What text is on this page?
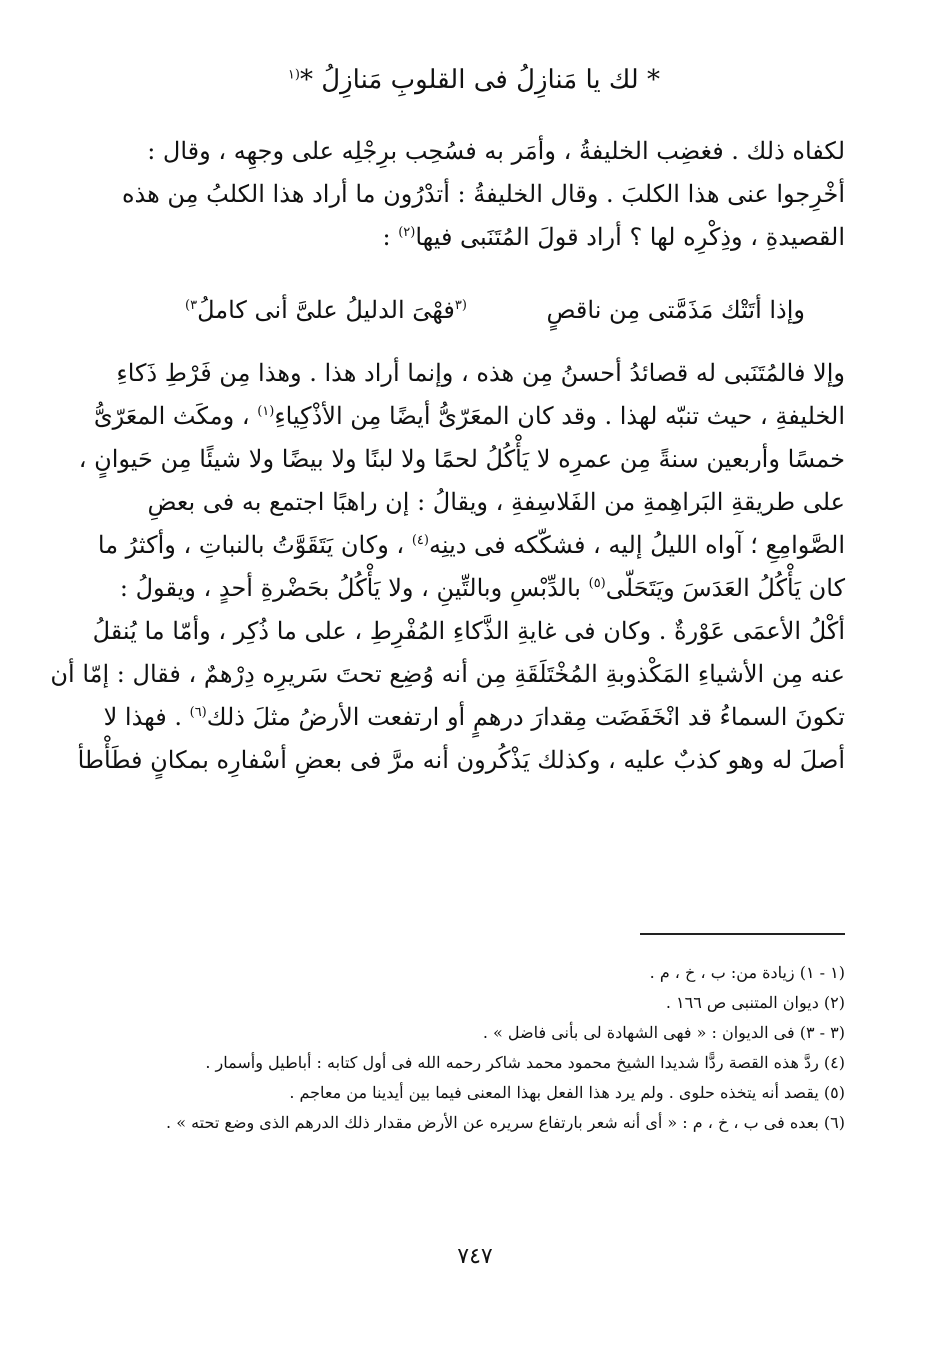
* لك يا مَنازِلُ فى القلوبِ مَنازِلُ *$^{(١}$
لكفاه ذلك . فغضِب الخليفةُ ، وأمَر به فسُحِب برِجْلِه على وجهِه ، وقال :
أخْرِجوا عنى هذا الكلبَ . وقال الخليفةُ : أتدْرُون ما أراد هذا الكلبُ مِن هذه
القصيدةِ ، وذِكْرِه لها ؟ أراد قولَ المُتَنَبى فيها$^{(٢)}$ :
وإذا أتَتْك مَذَمَّتى مِن ناقصٍ
$^{(٣}$فهْىَ الدليلُ علىَّ أنى كاملُ$^{٣)}$
وإلا فالمُتَنَبى له قصائدُ أحسنُ مِن هذه ، وإنما أراد هذا . وهذا مِن فَرْطِ ذَكاءِ
الخليفةِ ، حيث تنبّه لهذا . وقد كان المعَرّىُّ أيضًا مِن الأذْكِياءِ$^{(١)}$ ، ومكَث المعَرّىُّ
خمسًا وأربعين سنةً مِن عمرِه لا يَأْكُلُ لحمًا ولا لبنًا ولا بيضًا ولا شيئًا مِن حَيوانٍ ،
على طريقةِ البَراهِمةِ من الفَلاسِفةِ ، ويقالُ : إن راهبًا اجتمع به فى بعضِ
الصَّوامِعِ ؛ آواه الليلُ إليه ، فشكّكه فى دينِه$^{(٤)}$ ، وكان يَتَقَوَّتُ بالنباتِ ، وأكثرُ ما
كان يَأْكُلُ العَدَسَ ويَتَحَلّى$^{(٥)}$ بالدِّبْسِ وبالتِّينِ ، ولا يَأْكُلُ بحَضْرةِ أحدٍ ، ويقولُ :
أكْلُ الأعمَى عَوْرةٌ . وكان فى غايةِ الذَّكاءِ المُفْرِطِ ، على ما ذُكِر ، وأمّا ما يُنقلُ
عنه مِن الأشياءِ المَكْذوبةِ المُخْتَلَقَةِ مِن أنه وُضِع تحتَ سَريرِه دِرْهمٌ ، فقال : إمّا أن
تكونَ السماءُ قد انْخَفَضَت مِقدارَ درهمٍ أو ارتفعت الأرضُ مثلَ ذلك$^{(٦)}$ . فهذا لا
أصلَ له وهو كذبٌ عليه ، وكذلك يَذْكُرون أنه مرَّ فى بعضِ أسْفارِه بمكانٍ فطَأْطأ
(١ - ١) زيادة من: ب ، خ ، م .
(٢) ديوان المتنبى ص ١٦٦ .
(٣ - ٣) فى الديوان : « فهى الشهادة لى بأنى فاضل » .
(٤) ردَّ هذه القصة ردًّا شديدا الشيخ محمود محمد شاكر رحمه الله فى أول كتابه : أباطيل وأسمار .
(٥) يقصد أنه يتخذه حلوى . ولم يرد هذا الفعل بهذا المعنى فيما بين أيدينا من معاجم .
(٦) بعده فى ب ، خ ، م : « أى أنه شعر بارتفاع سريره عن الأرض مقدار ذلك الدرهم الذى وضع تحته » .
٧٤٧
